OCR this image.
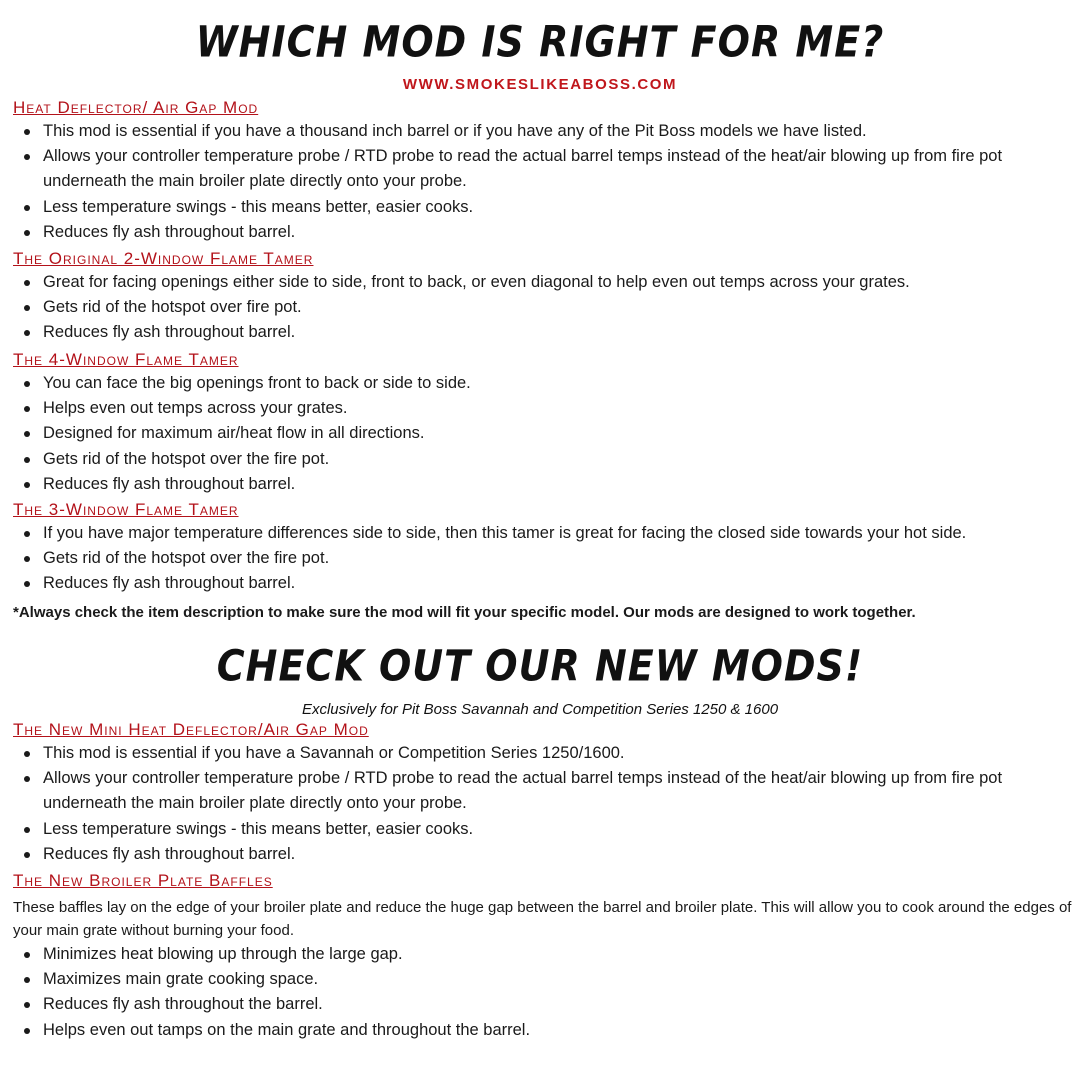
WHICH MOD IS RIGHT FOR ME?
WWW.SMOKESLIKEABOSS.COM
Heat Deflector/ Air Gap Mod
This mod is essential if you have a thousand inch barrel or if you have any of the Pit Boss models we have listed.
Allows your controller temperature probe / RTD probe to read the actual barrel temps instead of the heat/air blowing up from fire pot underneath the main broiler plate directly onto your probe.
Less temperature swings - this means better, easier cooks.
Reduces fly ash throughout barrel.
The Original 2-Window Flame Tamer
Great for facing openings either side to side, front to back, or even diagonal to help even out temps across your grates.
Gets rid of the hotspot over fire pot.
Reduces fly ash throughout barrel.
The 4-Window Flame Tamer
You can face the big openings front to back or side to side.
Helps even out temps across your grates.
Designed for maximum air/heat flow in all directions.
Gets rid of the hotspot over the fire pot.
Reduces fly ash throughout barrel.
The 3-Window Flame Tamer
If you have major temperature differences side to side, then this tamer is great for facing the closed side towards your hot side.
Gets rid of the hotspot over the fire pot.
Reduces fly ash throughout barrel.
*Always check the item description to make sure the mod will fit your specific model. Our mods are designed to work together.
CHECK OUT OUR NEW MODS!
Exclusively for Pit Boss Savannah and Competition Series 1250 & 1600
The New Mini Heat Deflector/Air Gap Mod
This mod is essential if you have a Savannah or Competition Series 1250/1600.
Allows your controller temperature probe / RTD probe to read the actual barrel temps instead of the heat/air blowing up from fire pot underneath the main broiler plate directly onto your probe.
Less temperature swings - this means better, easier cooks.
Reduces fly ash throughout barrel.
The New Broiler Plate Baffles

These baffles lay on the edge of your broiler plate and reduce the huge gap between the barrel and broiler plate. This will allow you to cook around the edges of your main grate without burning your food.

Minimizes heat blowing up through the large gap.
Maximizes main grate cooking space.
Reduces fly ash throughout the barrel.
Helps even out tamps on the main grate and throughout the barrel.
